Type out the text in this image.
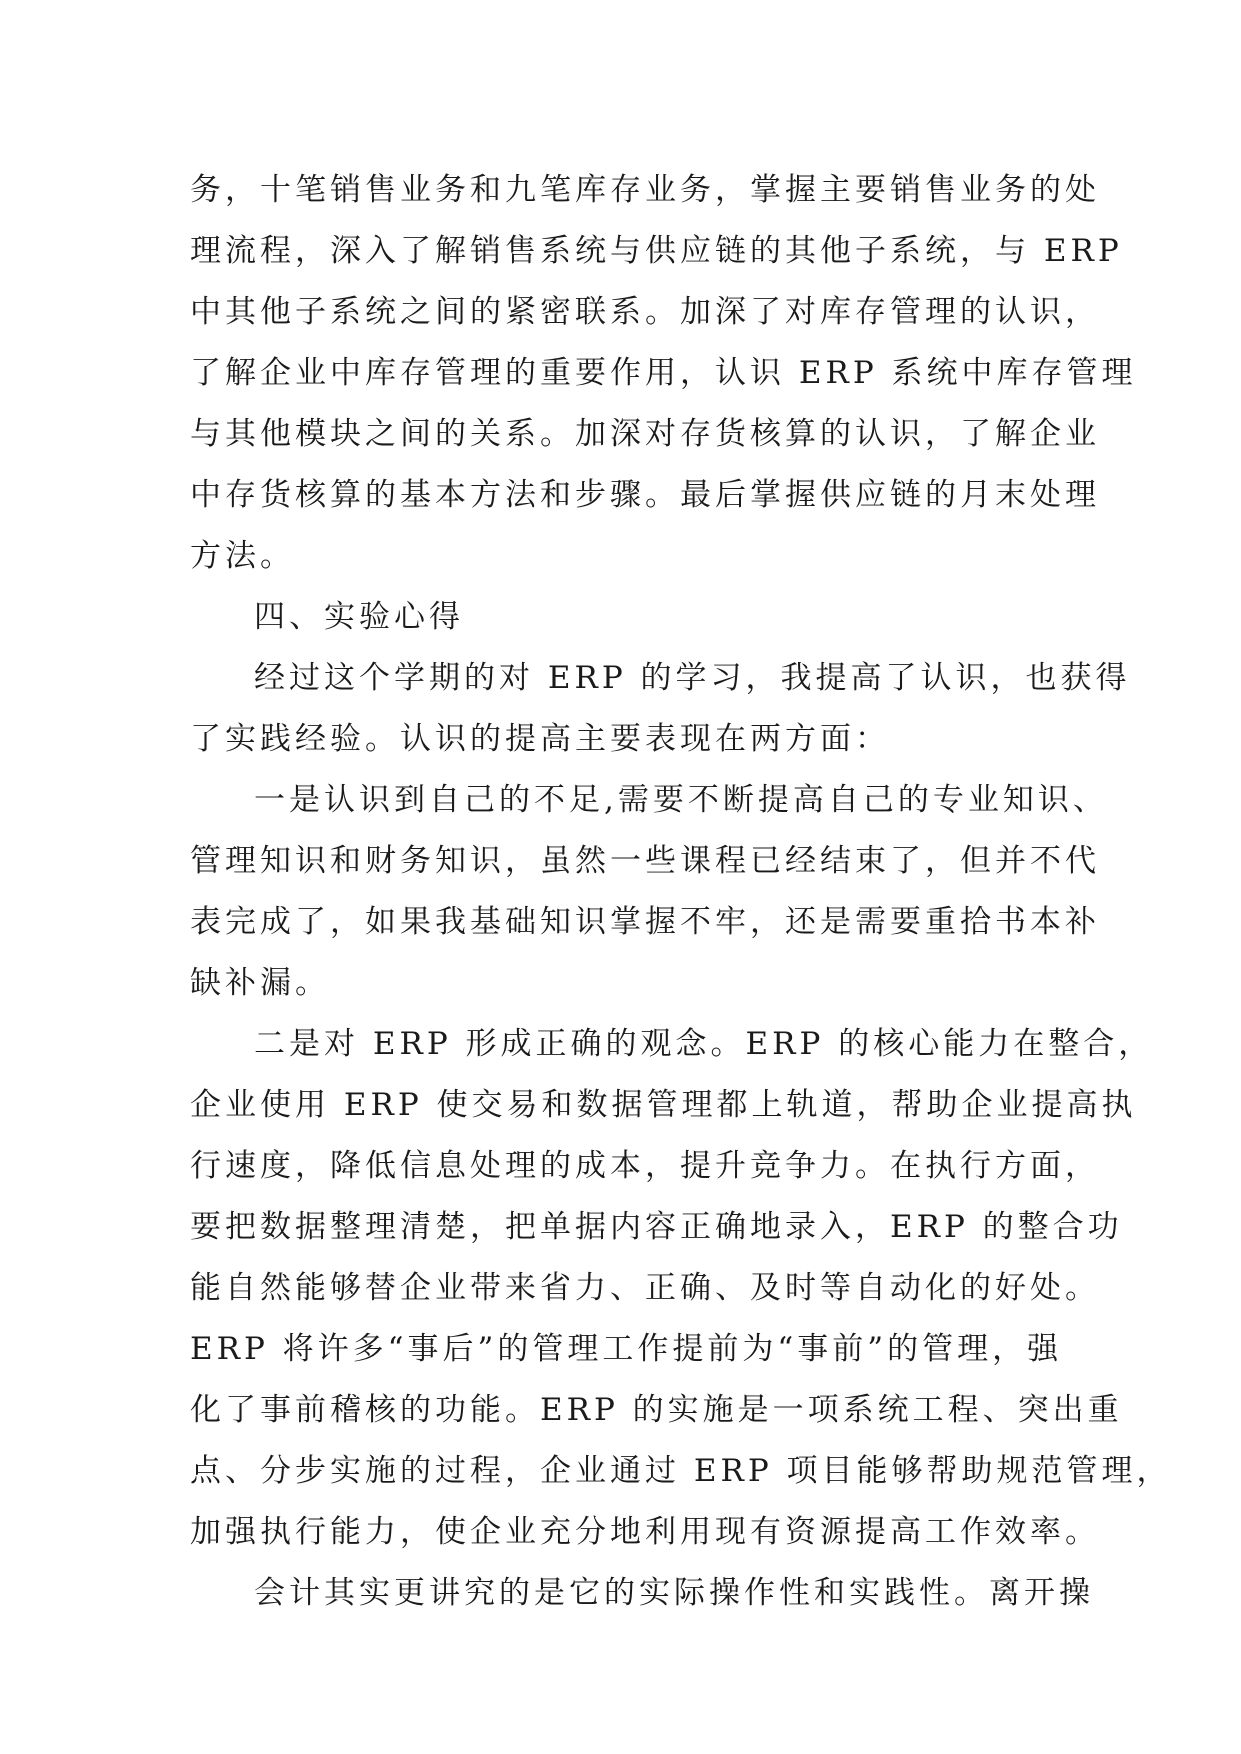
务，十笔销售业务和九笔库存业务，掌握主要销售业务的处
理流程，深入了解销售系统与供应链的其他子系统，与 ERP
中其他子系统之间的紧密联系。加深了对库存管理的认识，
了解企业中库存管理的重要作用，认识 ERP 系统中库存管理
与其他模块之间的关系。加深对存货核算的认识，了解企业
中存货核算的基本方法和步骤。最后掌握供应链的月末处理
方法。
四、实验心得
经过这个学期的对 ERP 的学习，我提高了认识，也获得
了实践经验。认识的提高主要表现在两方面：
一是认识到自己的不足,需要不断提高自己的专业知识、
管理知识和财务知识，虽然一些课程已经结束了，但并不代
表完成了，如果我基础知识掌握不牢，还是需要重拾书本补
缺补漏。
二是对 ERP 形成正确的观念。ERP 的核心能力在整合，
企业使用 ERP 使交易和数据管理都上轨道，帮助企业提高执
行速度，降低信息处理的成本，提升竞争力。在执行方面，
要把数据整理清楚，把单据内容正确地录入，ERP 的整合功
能自然能够替企业带来省力、正确、及时等自动化的好处。
ERP 将许多“事后”的管理工作提前为“事前”的管理，强
化了事前稽核的功能。ERP 的实施是一项系统工程、突出重
点、分步实施的过程，企业通过 ERP 项目能够帮助规范管理，
加强执行能力，使企业充分地利用现有资源提高工作效率。
会计其实更讲究的是它的实际操作性和实践性。离开操
